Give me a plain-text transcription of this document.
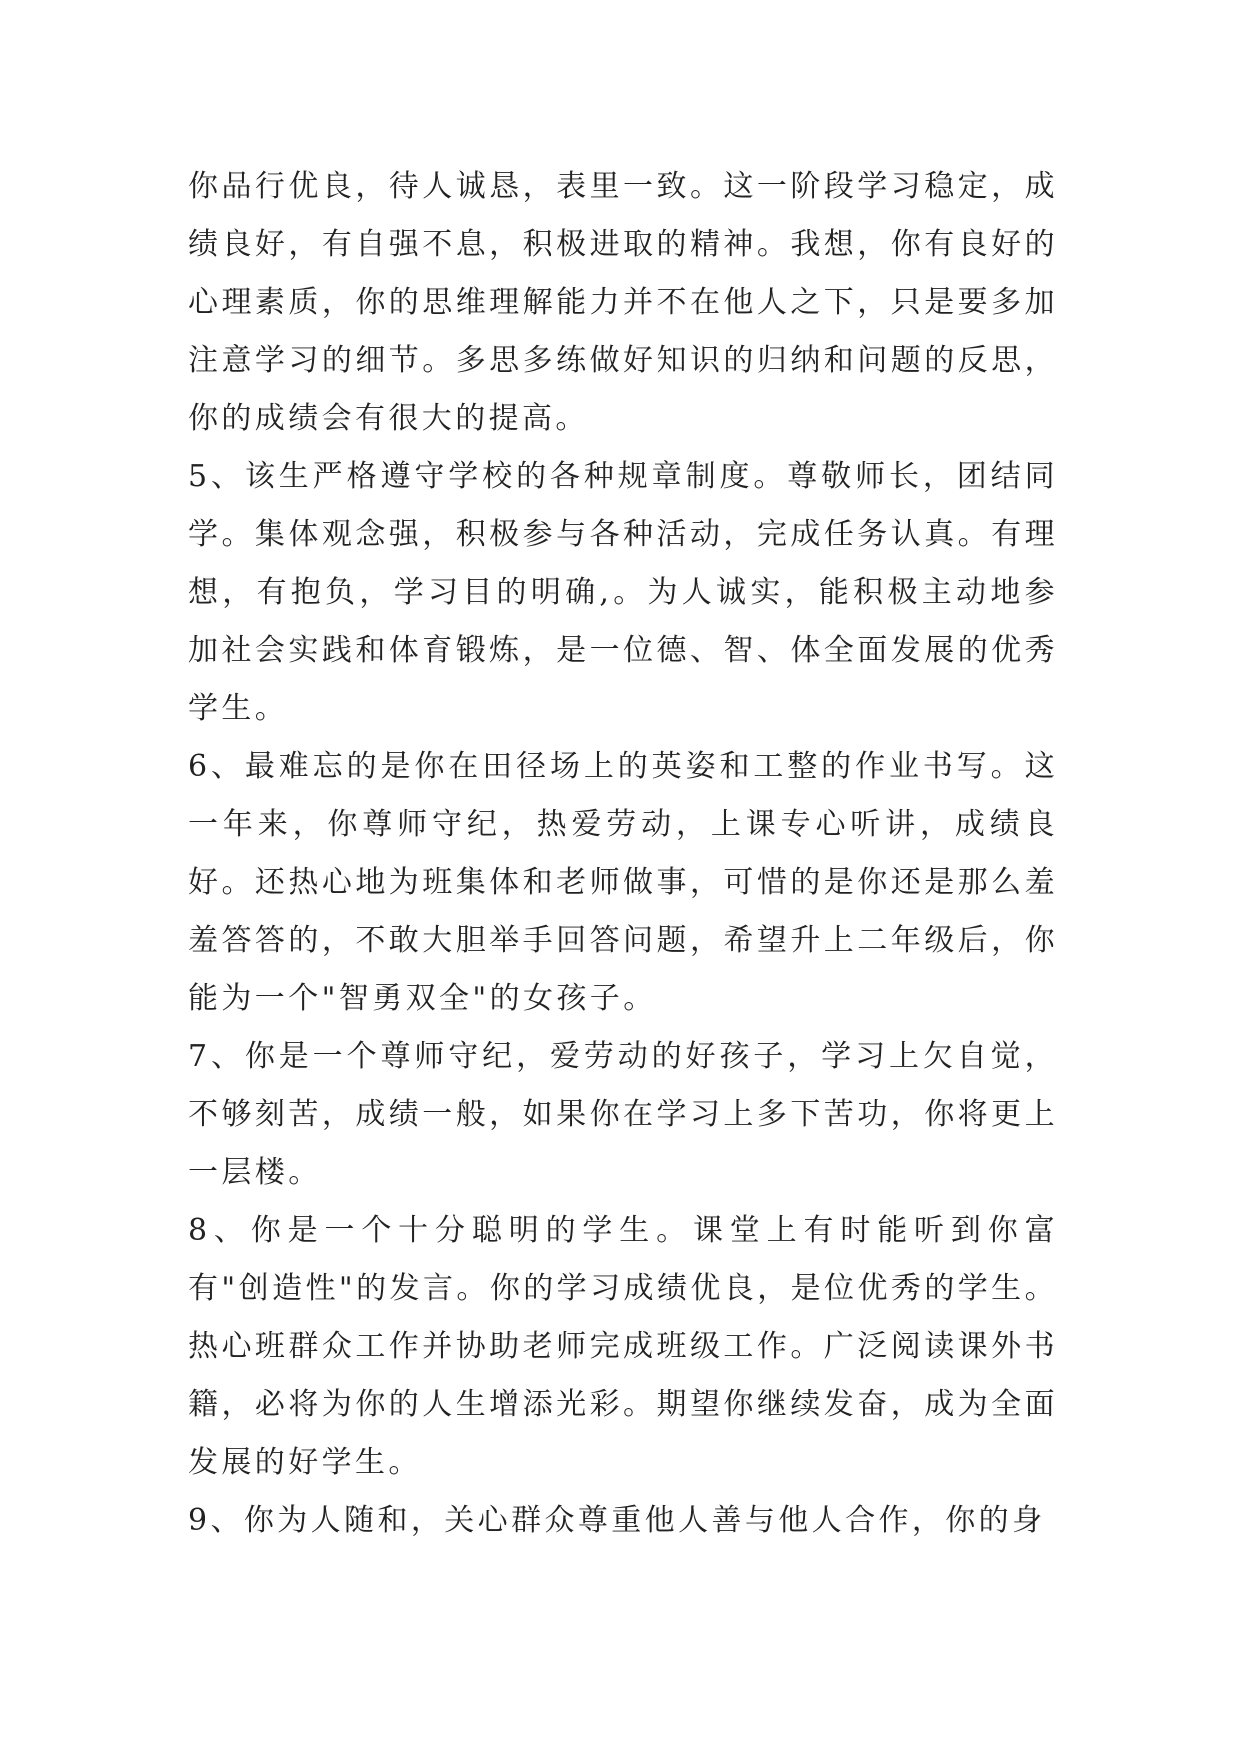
你品行优良，待人诚恳，表里一致。这一阶段学习稳定，成绩良好，有自强不息，积极进取的精神。我想，你有良好的心理素质，你的思维理解能力并不在他人之下，只是要多加注意学习的细节。多思多练做好知识的归纳和问题的反思，你的成绩会有很大的提高。

5、该生严格遵守学校的各种规章制度。尊敬师长，团结同学。集体观念强，积极参与各种活动，完成任务认真。有理想，有抱负，学习目的明确,。为人诚实，能积极主动地参加社会实践和体育锻炼，是一位德、智、体全面发展的优秀学生。

6、最难忘的是你在田径场上的英姿和工整的作业书写。这一年来，你尊师守纪，热爱劳动，上课专心听讲，成绩良好。还热心地为班集体和老师做事，可惜的是你还是那么羞羞答答的，不敢大胆举手回答问题，希望升上二年级后，你能为一个"智勇双全"的女孩子。

7、你是一个尊师守纪，爱劳动的好孩子，学习上欠自觉，不够刻苦，成绩一般，如果你在学习上多下苦功，你将更上一层楼。

8、你是一个十分聪明的学生。课堂上有时能听到你富有"创造性"的发言。你的学习成绩优良，是位优秀的学生。热心班群众工作并协助老师完成班级工作。广泛阅读课外书籍，必将为你的人生增添光彩。期望你继续发奋，成为全面发展的好学生。

9、你为人随和，关心群众尊重他人善与他人合作，你的身
